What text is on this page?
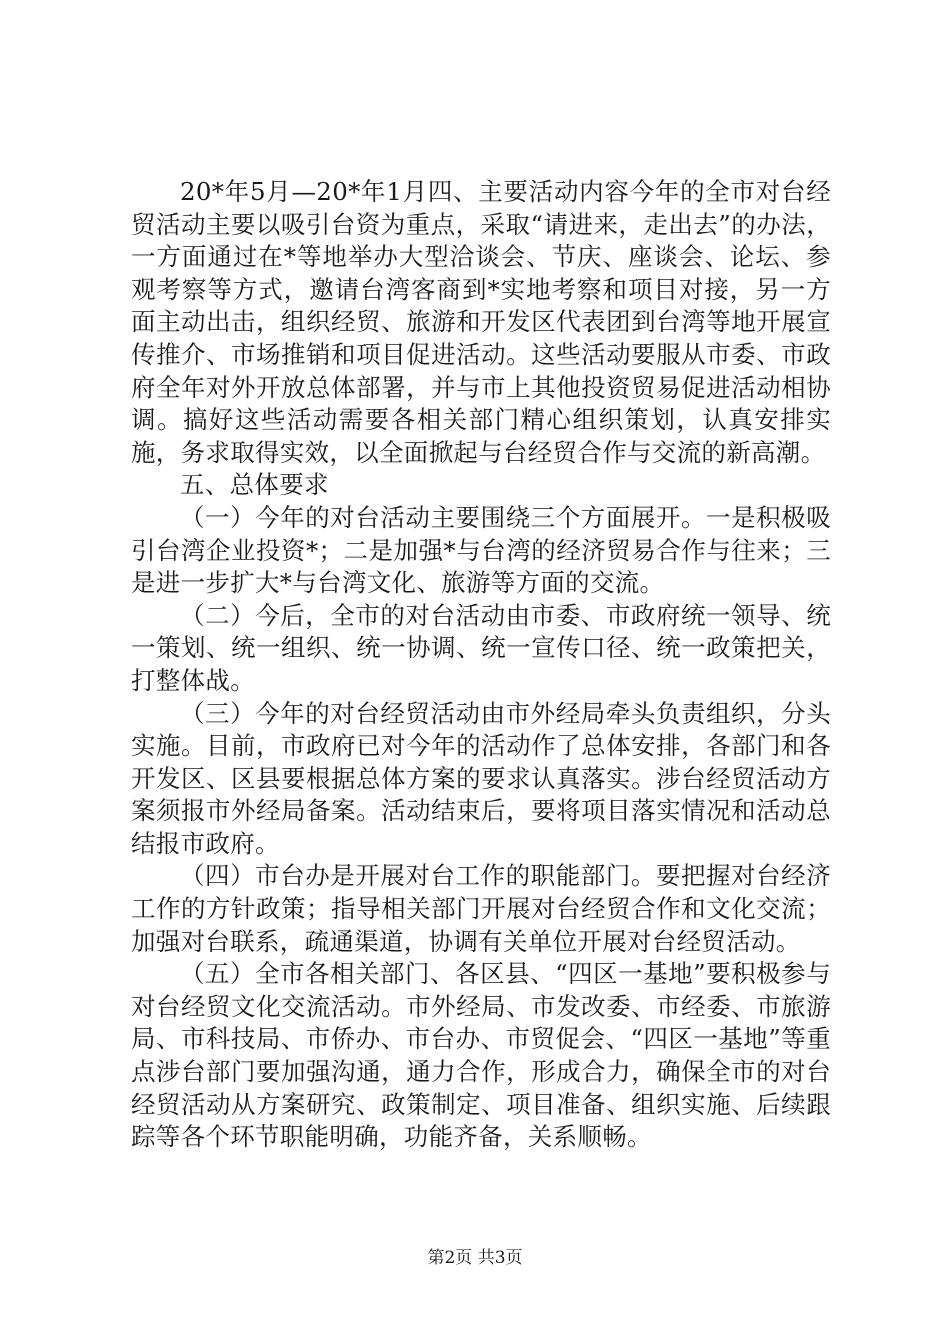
20*年5月—20*年1月四、主要活动内容今年的全市对台经贸活动主要以吸引台资为重点，采取“请进来，走出去”的办法，一方面通过在*等地举办大型洽谈会、节庆、座谈会、论坛、参观考察等方式，邀请台湾客商到*实地考察和项目对接，另一方面主动出击，组织经贸、旅游和开发区代表团到台湾等地开展宣传推介、市场推销和项目促进活动。这些活动要服从市委、市政府全年对外开放总体部署，并与市上其他投资贸易促进活动相协调。搞好这些活动需要各相关部门精心组织策划，认真安排实施，务求取得实效，以全面掀起与台经贸合作与交流的新高潮。

五、总体要求

（一）今年的对台活动主要围绕三个方面展开。一是积极吸引台湾企业投资*；二是加强*与台湾的经济贸易合作与往来；三是进一步扩大*与台湾文化、旅游等方面的交流。

（二）今后，全市的对台活动由市委、市政府统一领导、统一策划、统一组织、统一协调、统一宣传口径、统一政策把关，打整体战。

（三）今年的对台经贸活动由市外经局牵头负责组织，分头实施。目前，市政府已对今年的活动作了总体安排，各部门和各开发区、区县要根据总体方案的要求认真落实。涉台经贸活动方案须报市外经局备案。活动结束后，要将项目落实情况和活动总结报市政府。

（四）市台办是开展对台工作的职能部门。要把握对台经济工作的方针政策；指导相关部门开展对台经贸合作和文化交流；加强对台联系，疏通渠道，协调有关单位开展对台经贸活动。

（五）全市各相关部门、各区县、“四区一基地”要积极参与对台经贸文化交流活动。市外经局、市发改委、市经委、市旅游局、市科技局、市侨办、市台办、市贸促会、“四区一基地”等重点涉台部门要加强沟通，通力合作，形成合力，确保全市的对台经贸活动从方案研究、政策制定、项目准备、组织实施、后续跟踪等各个环节职能明确，功能齐备，关系顺畅。

第2页 共3页
